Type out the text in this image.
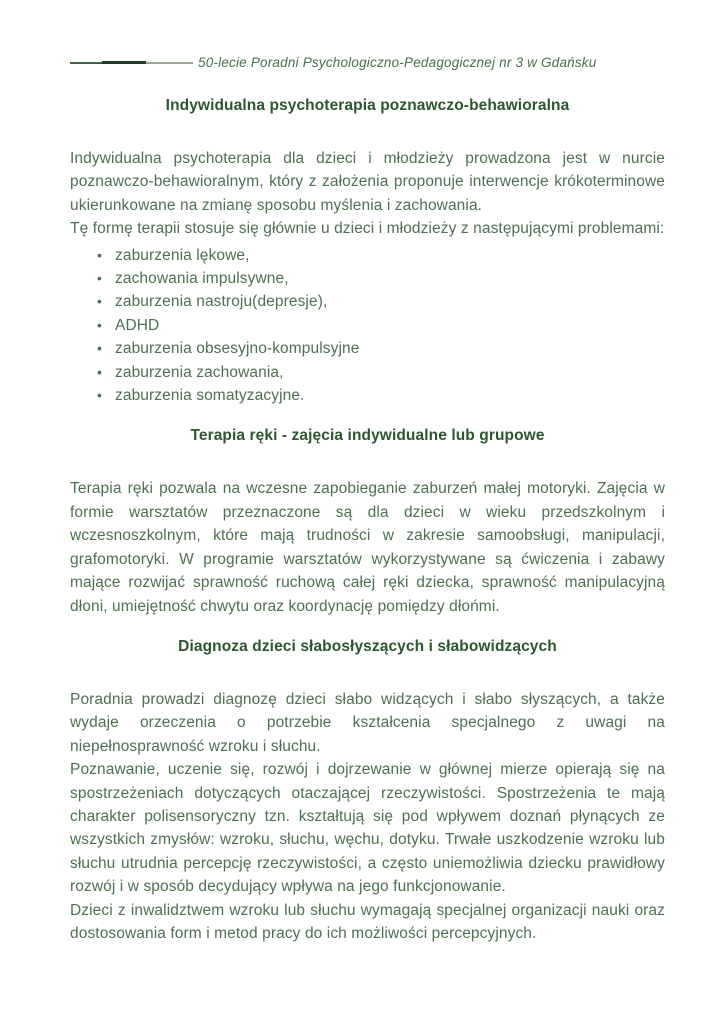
50-lecie Poradni Psychologiczno-Pedagogicznej nr 3 w Gdańsku
Indywidualna psychoterapia poznawczo-behawioralna

Indywidualna psychoterapia dla dzieci i młodzieży prowadzona jest w nurcie poznawczo-behawioralnym, który z założenia proponuje interwencje krókoterminowe ukierunkowane na zmianę sposobu myślenia i zachowania.

Tę formę terapii stosuje się głównie u dzieci i młodzieży z następującymi problemami:

• zaburzenia lękowe,
• zachowania impulsywne,
• zaburzenia nastroju(depresje),
• ADHD
• zaburzenia obsesyjno-kompulsyjne
• zaburzenia zachowania,
• zaburzenia somatyzacyjne.
Terapia ręki - zajęcia indywidualne lub grupowe

Terapia ręki pozwala na wczesne zapobieganie zaburzeń małej motoryki. Zajęcia w formie warsztatów przeznaczone są dla dzieci w wieku przedszkolnym i wczesnoszkolnym, które mają trudności w zakresie samoobsługi, manipulacji, grafomotoryki. W programie warsztatów wykorzystywane są ćwiczenia i zabawy mające rozwijać sprawność ruchową całej ręki dziecka, sprawność manipulacyjną dłoni, umiejętność chwytu oraz koordynację pomiędzy dłońmi.

Diagnoza dzieci słabosłyszących i słabowidzących

Poradnia prowadzi diagnozę dzieci słabo widzących i słabo słyszących, a także wydaje orzeczenia o potrzebie kształcenia specjalnego z uwagi na niepełnosprawność wzroku i słuchu.

Poznawanie, uczenie się, rozwój i dojrzewanie w głównej mierze opierają się na spostrzeżeniach dotyczących otaczającej rzeczywistości. Spostrzeżenia te mają charakter polisensoryczny tzn. kształtują się pod wpływem doznań płynących ze wszystkich zmysłów: wzroku, słuchu, węchu, dotyku. Trwałe uszkodzenie wzroku lub słuchu utrudnia percepcję rzeczywistości, a często uniemożliwia dziecku prawidłowy rozwój i w sposób decydujący wpływa na jego funkcjonowanie.

Dzieci z inwalidztwem wzroku lub słuchu wymagają specjalnej organizacji nauki oraz dostosowania form i metod pracy do ich możliwości percepcyjnych.
